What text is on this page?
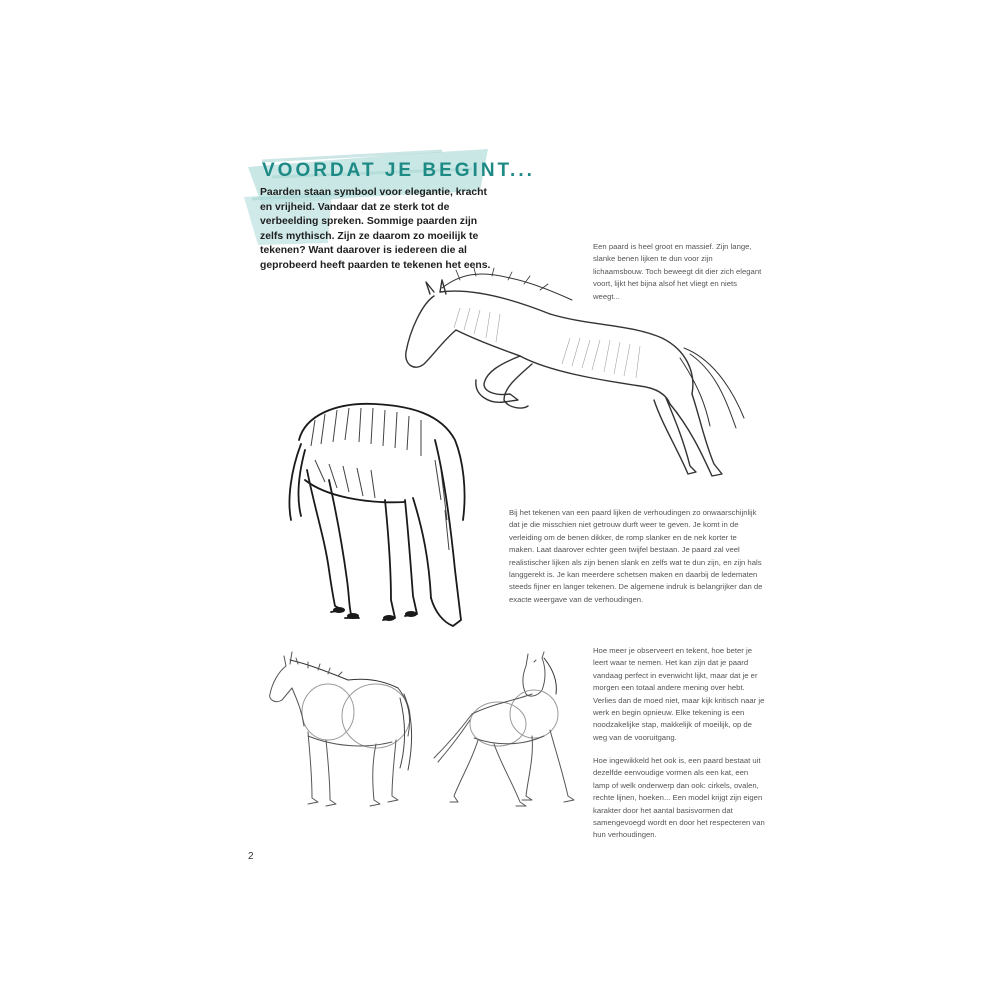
VOORDAT JE BEGINT...

Paarden staan symbool voor elegantie, kracht en vrijheid. Vandaar dat ze sterk tot de verbeelding spreken. Sommige paarden zijn zelfs mythisch. Zijn ze daarom zo moeilijk te tekenen? Want daarover is iedereen die al geprobeerd heeft paarden te tekenen het eens.

Een paard is heel groot en massief. Zijn lange, slanke benen lijken te dun voor zijn lichaamsbouw. Toch beweegt dit dier zich elegant voort, lijkt het bijna alsof het vliegt en niets weegt...

Bij het tekenen van een paard lijken de verhoudingen zo onwaarschijnlijk dat je die misschien niet getrouw durft weer te geven. Je komt in de verleiding om de benen dikker, de romp slanker en de nek korter te maken. Laat daarover echter geen twijfel bestaan. Je paard zal veel realistischer lijken als zijn benen slank en zelfs wat te dun zijn, en zijn hals langgerekt is. Je kan meerdere schetsen maken en daarbij de ledematen steeds fijner en langer tekenen. De algemene indruk is belangrijker dan de exacte weergave van de verhoudingen.

Hoe meer je observeert en tekent, hoe beter je leert waar te nemen. Het kan zijn dat je paard vandaag perfect in evenwicht lijkt, maar dat je er morgen een totaal andere mening over hebt. Verlies dan de moed niet, maar kijk kritisch naar je werk en begin opnieuw. Elke tekening is een noodzakelijke stap, makkelijk of moeilijk, op de weg van de vooruitgang.

Hoe ingewikkeld het ook is, een paard bestaat uit dezelfde eenvoudige vormen als een kat, een lamp of welk onderwerp dan ook: cirkels, ovalen, rechte lijnen, hoeken... Een model krijgt zijn eigen karakter door het aantal basisvormen dat samengevoegd wordt en door het respecteren van hun verhoudingen.

2
